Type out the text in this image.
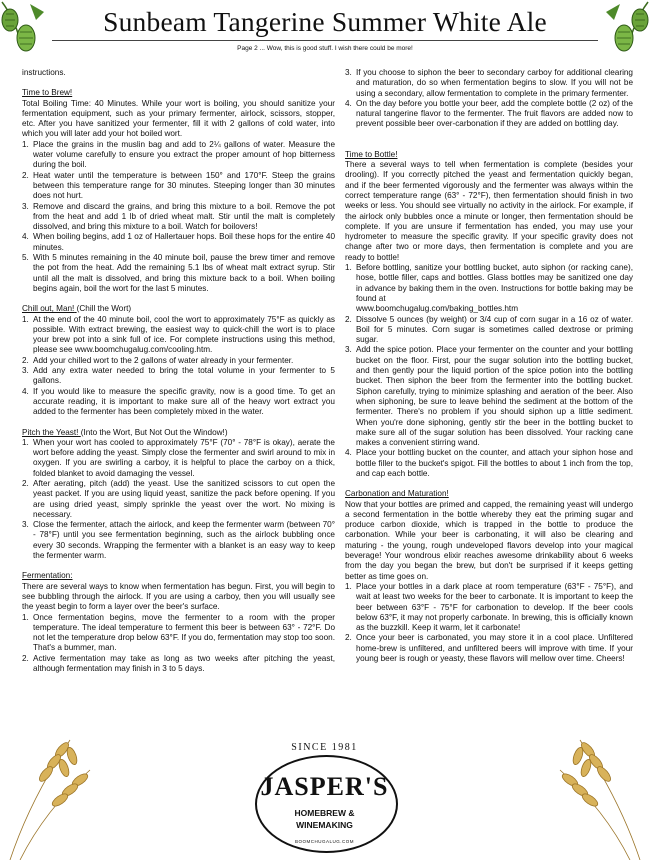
Sunbeam Tangerine Summer White Ale
Page 2 ... Wow, this is good stuff. I wish there could be more!

instructions.

Time to Brew!

Total Boiling Time: 40 Minutes. While your wort is boiling, you should sanitize your fermentation equipment, such as your primary fermenter, airlock, scissors, stopper, etc. After you have sanitized your fermenter, fill it with 2 gallons of cold water, into which you will later add your hot boiled wort.

1. Place the grains in the muslin bag and add to 2¼ gallons of water. Measure the water volume carefully to ensure you extract the proper amount of hop bitterness during the boil.
2. Heat water until the temperature is between 150° and 170°F. Steep the grains between this temperature range for 30 minutes. Steeping longer than 30 minutes does not hurt.
3. Remove and discard the grains, and bring this mixture to a boil. Remove the pot from the heat and add 1 lb of dried wheat malt. Stir until the malt is completely dissolved, and bring this mixture to a boil. Watch for boilovers!
4. When boiling begins, add 1 oz of Hallertauer hops. Boil these hops for the entire 40 minutes.
5. With 5 minutes remaining in the 40 minute boil, pause the brew timer and remove the pot from the heat. Add the remaining 5.1 lbs of wheat malt extract syrup. Stir until all the malt is dissolved, and bring this mixture back to a boil. When boiling begins again, boil the wort for the last 5 minutes.

Chill out, Man! (Chill the Wort)

1. At the end of the 40 minute boil, cool the wort to approximately 75°F as quickly as possible. With extract brewing, the easiest way to quick-chill the wort is to place your brew pot into a sink full of ice. For complete instructions using this method, please see www.boomchugalug.com/cooling.htm.
2. Add your chilled wort to the 2 gallons of water already in your fermenter.
3. Add any extra water needed to bring the total volume in your fermenter to 5 gallons.
4. If you would like to measure the specific gravity, now is a good time. To get an accurate reading, it is important to make sure all of the heavy wort extract you added to the fermenter has been completely mixed in the water.

Pitch the Yeast! (Into the Wort, But Not Out the Window!)

1. When your wort has cooled to approximately 75°F (70° - 78°F is okay), aerate the wort before adding the yeast. Simply close the fermenter and swirl around to mix in oxygen. If you are swirling a carboy, it is helpful to place the carboy on a thick, folded blanket to avoid damaging the vessel.
2. After aerating, pitch (add) the yeast. Use the sanitized scissors to cut open the yeast packet. If you are using liquid yeast, sanitize the pack before opening. If you are using dried yeast, simply sprinkle the yeast over the wort. No mixing is necessary.
3. Close the fermenter, attach the airlock, and keep the fermenter warm (between 70° - 78°F) until you see fermentation beginning, such as the airlock bubbling once every 30 seconds. Wrapping the fermenter with a blanket is an easy way to keep the fermenter warm.

Fermentation:

There are several ways to know when fermentation has begun. First, you will begin to see bubbling through the airlock. If you are using a carboy, then you will usually see the yeast begin to form a layer over the beer's surface.

1. Once fermentation begins, move the fermenter to a room with the proper temperature. The ideal temperature to ferment this beer is between 63° - 72°F. Do not let the temperature drop below 63°F. If you do, fermentation may stop too soon. That's a bummer, man.
2. Active fermentation may take as long as two weeks after pitching the yeast, although fermentation may finish in 3 to 5 days.
3. If you choose to siphon the beer to secondary carboy for additional clearing and maturation, do so when fermentation begins to slow. If you will not be using a secondary, allow fermentation to complete in the primary fermenter.
4. On the day before you bottle your beer, add the complete bottle (2 oz) of the natural tangerine flavor to the fermenter. The fruit flavors are added now to prevent possible beer over-carbonation if they are added on bottling day.

Time to Bottle!

There a several ways to tell when fermentation is complete (besides your drooling). If you correctly pitched the yeast and fermentation quickly began, and if the beer fermented vigorously and the fermenter was always within the correct temperature range (63° - 72°F), then fermentation should finish in two weeks or less. You should see virtually no activity in the airlock. For example, if the airlock only bubbles once a minute or longer, then fermentation should be complete. If you are unsure if fermentation has ended, you may use your hydrometer to measure the specific gravity. If your specific gravity does not change after two or more days, then fermentation is complete and you are ready to bottle!

1. Before bottling, sanitize your bottling bucket, auto siphon (or racking cane), hose, bottle filler, caps and bottles. Glass bottles may be sanitized one day in advance by baking them in the oven. Instructions for bottle baking may be found at
www.boomchugalug.com/baking_bottles.htm
2. Dissolve 5 ounces (by weight) or 3/4 cup of corn sugar in a 16 oz of water. Boil for 5 minutes. Corn sugar is sometimes called dextrose or priming sugar.
3. Add the spice potion. Place your fermenter on the counter and your bottling bucket on the floor. First, pour the sugar solution into the bottling bucket, and then gently pour the liquid portion of the spice potion into the bottling bucket. Then siphon the beer from the fermenter into the bottling bucket. Siphon carefully, trying to minimize splashing and aeration of the beer. Also when siphoning, be sure to leave behind the sediment at the bottom of the fermenter. There's no problem if you should siphon up a little sediment. When you're done siphoning, gently stir the beer in the bottling bucket to make sure all of the sugar solution has been dissolved. Your racking cane makes a convenient stirring wand.
4. Place your bottling bucket on the counter, and attach your siphon hose and bottle filler to the bucket's spigot. Fill the bottles to about 1 inch from the top, and cap each bottle.

Carbonation and Maturation!

Now that your bottles are primed and capped, the remaining yeast will undergo a second fermentation in the bottle whereby they eat the priming sugar and produce carbon dioxide, which is trapped in the bottle to produce the carbonation. While your beer is carbonating, it will also be clearing and maturing - the young, rough undeveloped flavors develop into your magical beverage! Your wondrous elixir reaches awesome drinkability about 6 weeks from the day you began the brew, but don't be surprised if it keeps getting better as time goes on.

1. Place your bottles in a dark place at room temperature (63°F - 75°F), and wait at least two weeks for the beer to carbonate. It is important to keep the beer between 63°F - 75°F for carbonation to develop. If the beer cools below 63°F, it may not properly carbonate. In brewing, this is officially known as the buzzkill. Keep it warm, let it carbonate!
2. Once your beer is carbonated, you may store it in a cool place. Unfiltered home-brew is unfiltered, and unfiltered beers will improve with time. If your young beer is rough or yeasty, these flavors will mellow over time. Cheers!
SINCE 1981
JASPER'S
HOMEBREW &
WINEMAKING
BOOMCHUGALUG.COM
